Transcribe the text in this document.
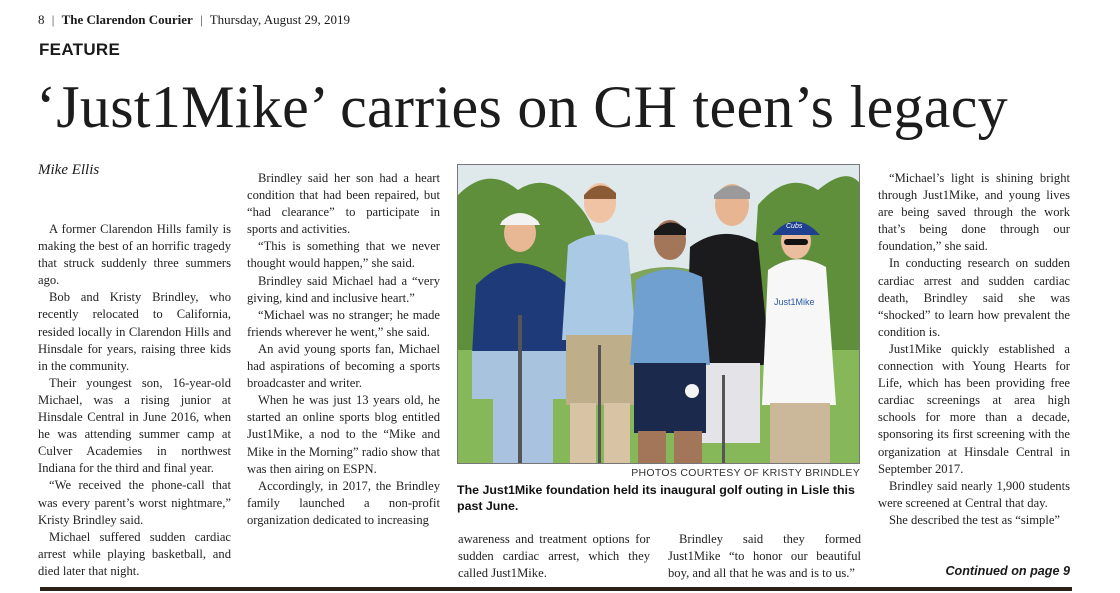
8 | The Clarendon Courier | Thursday, August 29, 2019
FEATURE
‘Just1Mike’ carries on CH teen’s legacy
Mike Ellis

A former Clarendon Hills family is making the best of an horrific tragedy that struck suddenly three summers ago.

Bob and Kristy Brindley, who recently relocated to California, resided locally in Clarendon Hills and Hinsdale for years, raising three kids in the community.

Their youngest son, 16-year-old Michael, was a rising junior at Hinsdale Central in June 2016, when he was attending summer camp at Culver Academies in northwest Indiana for the third and final year.

“We received the phone-call that was every parent’s worst nightmare,” Kristy Brindley said.

Michael suffered sudden cardiac arrest while playing basketball, and died later that night.

Brindley said her son had a heart condition that had been repaired, but “had clearance” to participate in sports and activities.

“This is something that we never thought would happen,” she said.

Brindley said Michael had a “very giving, kind and inclusive heart.”

“Michael was no stranger; he made friends wherever he went,” she said.

An avid young sports fan, Michael had aspirations of becoming a sports broadcaster and writer.

When he was just 13 years old, he started an online sports blog entitled Just1Mike, a nod to the “Mike and Mike in the Morning” radio show that was then airing on ESPN.

Accordingly, in 2017, the Brindley family launched a non-profit organization dedicated to increasing

Just1Mike
Cubs
PHOTOS COURTESY OF KRISTY BRINDLEY
The Just1Mike foundation held its inaugural golf outing in Lisle this past June.

awareness and treatment options for sudden cardiac arrest, which they called Just1Mike.

Brindley said they formed Just1Mike “to honor our beautiful boy, and all that he was and is to us.”

“Michael’s light is shining bright through Just1Mike, and young lives are being saved through the work that’s being done through our foundation,” she said.

In conducting research on sudden cardiac arrest and sudden cardiac death, Brindley said she was “shocked” to learn how prevalent the condition is.

Just1Mike quickly established a connection with Young Hearts for Life, which has been providing free cardiac screenings at area high schools for more than a decade, sponsoring its first screening with the organization at Hinsdale Central in September 2017.

Brindley said nearly 1,900 students were screened at Central that day.

She described the test as “simple”

Continued on page 9
